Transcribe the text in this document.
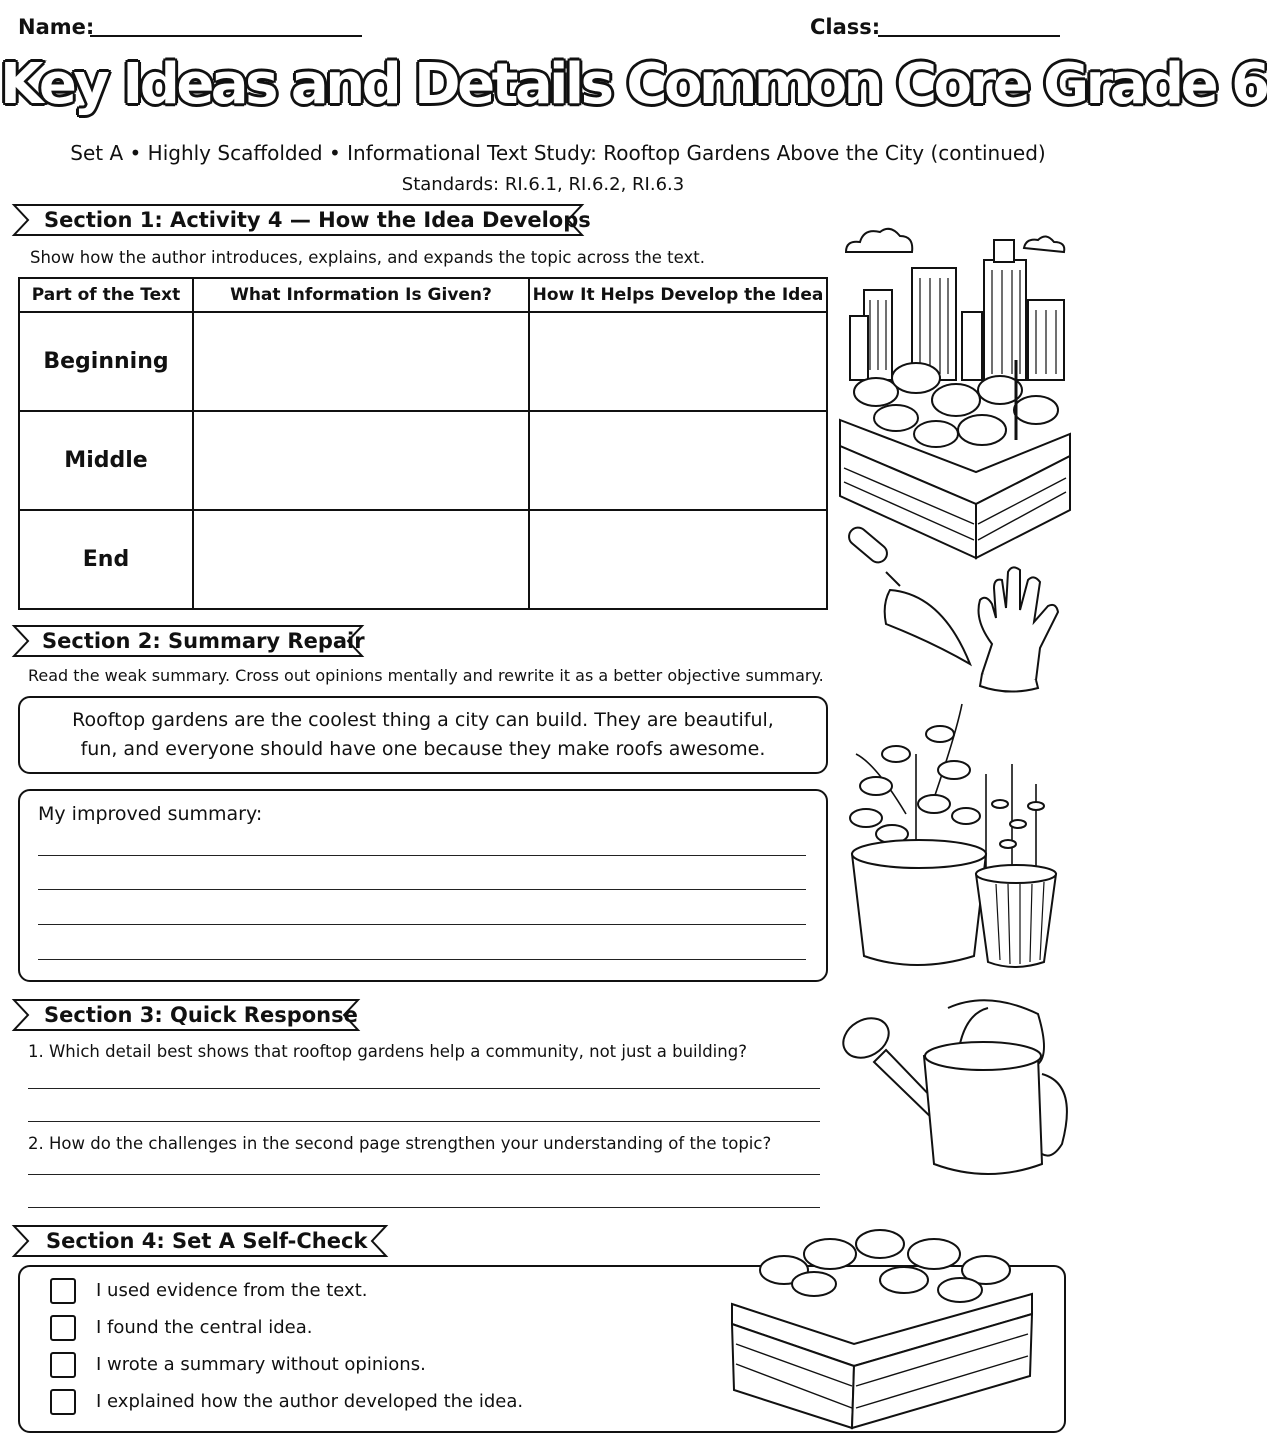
Name:	Class:
Key Ideas and Details Common Core Grade 6
Set A • Highly Scaffolded • Informational Text Study: Rooftop Gardens Above the City (continued)
Standards: RI.6.1, RI.6.2, RI.6.3
Section 1: Activity 4 — How the Idea Develops
Show how the author introduces, explains, and expands the topic across the text.
Part of the Text	What Information Is Given?	How It Helps Develop the Idea
Beginning		
Middle		
End		
Section 2: Summary Repair
Read the weak summary. Cross out opinions mentally and rewrite it as a better objective summary.
Rooftop gardens are the coolest thing a city can build. They are beautiful,
fun, and everyone should have one because they make roofs awesome.
My improved summary:
Section 3: Quick Response
1. Which detail best shows that rooftop gardens help a community, not just a building?
2. How do the challenges in the second page strengthen your understanding of the topic?
Section 4: Set A Self-Check
I used evidence from the text.
I found the central idea.
I wrote a summary without opinions.
I explained how the author developed the idea.
